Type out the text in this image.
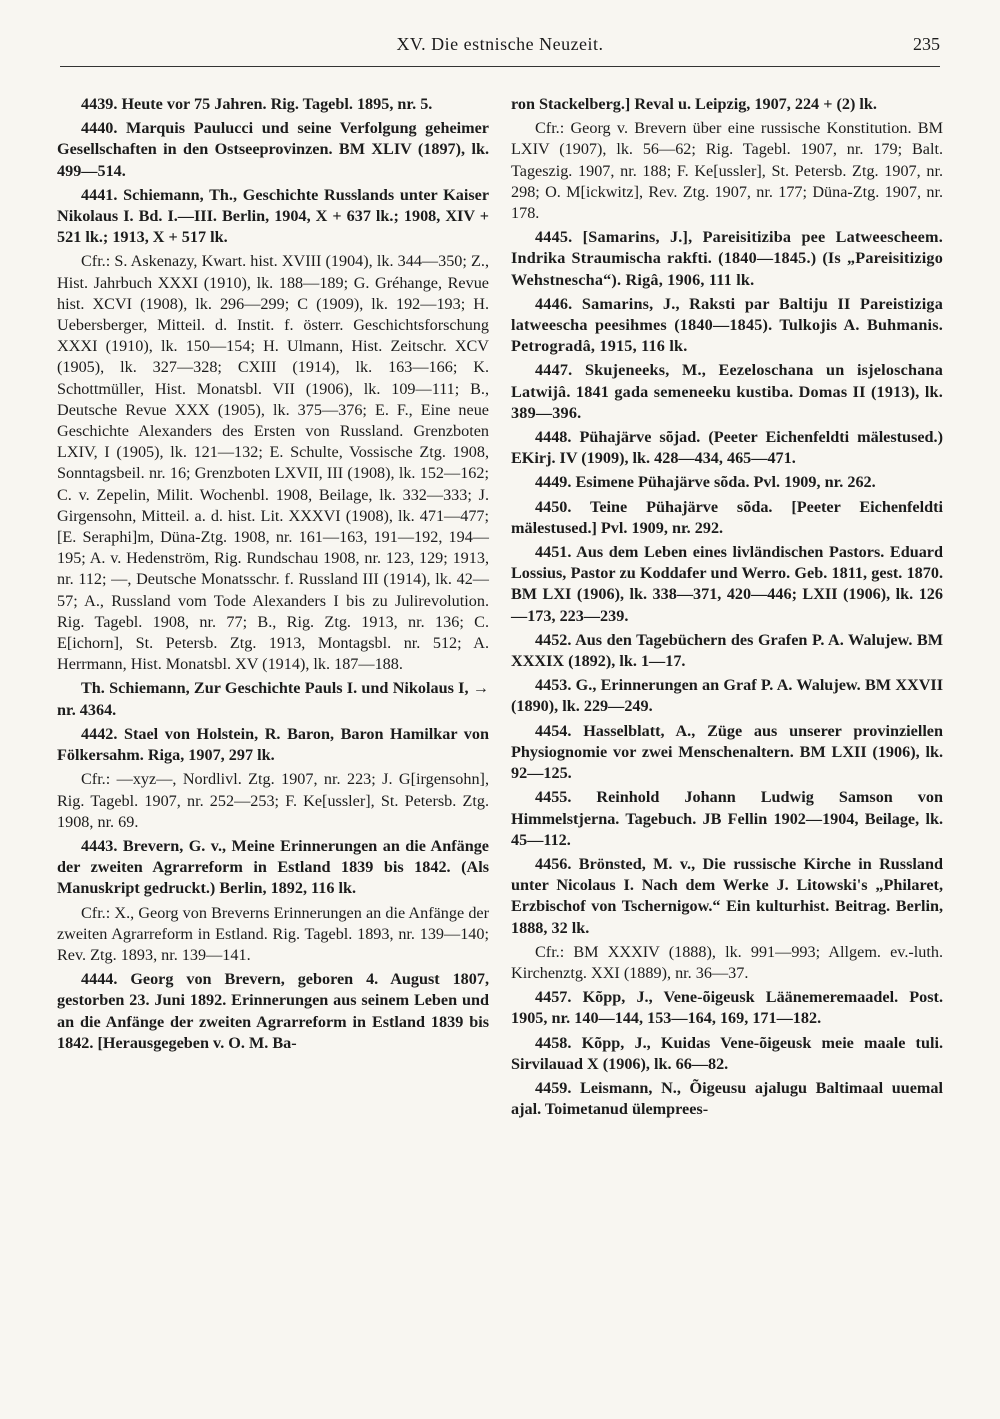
XV. Die estnische Neuzeit.	235

4439. Heute vor 75 Jahren. Rig. Tagebl. 1895, nr. 5.

4440. Marquis Paulucci und seine Verfolgung geheimer Gesellschaften in den Ostseeprovinzen. BM XLIV (1897), lk. 499—514.

4441. Schiemann, Th., Geschichte Russlands unter Kaiser Nikolaus I. Bd. I.—III. Berlin, 1904, X + 637 lk.; 1908, XIV + 521 lk.; 1913, X + 517 lk.

Cfr.: S. Askenazy, Kwart. hist. XVIII (1904), lk. 344—350; Z., Hist. Jahrbuch XXXI (1910), lk. 188—189; G. Gréhange, Revue hist. XCVI (1908), lk. 296—299; C (1909), lk. 192—193; H. Uebersberger, Mitteil. d. Instit. f. österr. Geschichtsforschung XXXI (1910), lk. 150—154; H. Ulmann, Hist. Zeitschr. XCV (1905), lk. 327—328; CXIII (1914), lk. 163—166; K. Schottmüller, Hist. Monatsbl. VII (1906), lk. 109—111; B., Deutsche Revue XXX (1905), lk. 375—376; E. F., Eine neue Geschichte Alexanders des Ersten von Russland. Grenzboten LXIV, I (1905), lk. 121—132; E. Schulte, Vossische Ztg. 1908, Sonntagsbeil. nr. 16; Grenzboten LXVII, III (1908), lk. 152—162; C. v. Zepelin, Milit. Wochenbl. 1908, Beilage, lk. 332—333; J. Girgensohn, Mitteil. a. d. hist. Lit. XXXVI (1908), lk. 471—477; [E. Seraphi]m, Düna-Ztg. 1908, nr. 161—163, 191—192, 194—195; A. v. Hedenström, Rig. Rundschau 1908, nr. 123, 129; 1913, nr. 112; —, Deutsche Monatsschr. f. Russland III (1914), lk. 42—57; A., Russland vom Tode Alexanders I bis zu Julirevolution. Rig. Tagebl. 1908, nr. 77; B., Rig. Ztg. 1913, nr. 136; C. E[ichorn], St. Petersb. Ztg. 1913, Montagsbl. nr. 512; A. Herrmann, Hist. Monatsbl. XV (1914), lk. 187—188.

Th. Schiemann, Zur Geschichte Pauls I. und Nikolaus I, → nr. 4364.

4442. Stael von Holstein, R. Baron, Baron Hamilkar von Fölkersahm. Riga, 1907, 297 lk.

Cfr.: —xyz—, Nordlivl. Ztg. 1907, nr. 223; J. G[irgensohn], Rig. Tagebl. 1907, nr. 252—253; F. Ke[ussler], St. Petersb. Ztg. 1908, nr. 69.

4443. Brevern, G. v., Meine Erinnerungen an die Anfänge der zweiten Agrarreform in Estland 1839 bis 1842. (Als Manuskript gedruckt.) Berlin, 1892, 116 lk.

Cfr.: X., Georg von Breverns Erinnerungen an die Anfänge der zweiten Agrarreform in Estland. Rig. Tagebl. 1893, nr. 139—140; Rev. Ztg. 1893, nr. 139—141.

4444. Georg von Brevern, geboren 4. August 1807, gestorben 23. Juni 1892. Erinnerungen aus seinem Leben und an die Anfänge der zweiten Agrarreform in Estland 1839 bis 1842. [Herausgegeben v. O. M. Ba-

ron Stackelberg.] Reval u. Leipzig, 1907, 224 + (2) lk.

Cfr.: Georg v. Brevern über eine russische Konstitution. BM LXIV (1907), lk. 56—62; Rig. Tagebl. 1907, nr. 179; Balt. Tageszig. 1907, nr. 188; F. Ke[ussler], St. Petersb. Ztg. 1907, nr. 298; O. M[ickwitz], Rev. Ztg. 1907, nr. 177; Düna-Ztg. 1907, nr. 178.

4445. [Samarins, J.], Pareisitiziba pee Latweescheem. Indrika Straumischa rakfti. (1840—1845.) (Is „Pareisitizigo Wehstnescha“). Rigâ, 1906, 111 lk.

4446. Samarins, J., Raksti par Baltiju II Pareistiziga latweescha peesihmes (1840—1845). Tulkojis A. Buhmanis. Petrogradâ, 1915, 116 lk.

4447. Skujeneeks, M., Eezeloschana un isjeloschana Latwijâ. 1841 gada semeneeku kustiba. Domas II (1913), lk. 389—396.

4448. Pühajärve sõjad. (Peeter Eichenfeldti mälestused.) EKirj. IV (1909), lk. 428—434, 465—471.

4449. Esimene Pühajärve sõda. Pvl. 1909, nr. 262.

4450. Teine Pühajärve sõda. [Peeter Eichenfeldti mälestused.] Pvl. 1909, nr. 292.

4451. Aus dem Leben eines livländischen Pastors. Eduard Lossius, Pastor zu Koddafer und Werro. Geb. 1811, gest. 1870. BM LXI (1906), lk. 338—371, 420—446; LXII (1906), lk. 126—173, 223—239.

4452. Aus den Tagebüchern des Grafen P. A. Walujew. BM XXXIX (1892), lk. 1—17.

4453. G., Erinnerungen an Graf P. A. Walujew. BM XXVII (1890), lk. 229—249.

4454. Hasselblatt, A., Züge aus unserer provinziellen Physiognomie vor zwei Menschenaltern. BM LXII (1906), lk. 92—125.

4455. Reinhold Johann Ludwig Samson von Himmelstjerna. Tagebuch. JB Fellin 1902—1904, Beilage, lk. 45—112.

4456. Brönsted, M. v., Die russische Kirche in Russland unter Nicolaus I. Nach dem Werke J. Litowski's „Philaret, Erzbischof von Tschernigow.“ Ein kulturhist. Beitrag. Berlin, 1888, 32 lk.

Cfr.: BM XXXIV (1888), lk. 991—993; Allgem. ev.-luth. Kirchenztg. XXI (1889), nr. 36—37.

4457. Kõpp, J., Vene-õigeusk Läänemeremaadel. Post. 1905, nr. 140—144, 153—164, 169, 171—182.

4458. Kõpp, J., Kuidas Vene-õigeusk meie maale tuli. Sirvilauad X (1906), lk. 66—82.

4459. Leismann, N., Õigeusu ajalugu Baltimaal uuemal ajal. Toimetanud ülemprees-
